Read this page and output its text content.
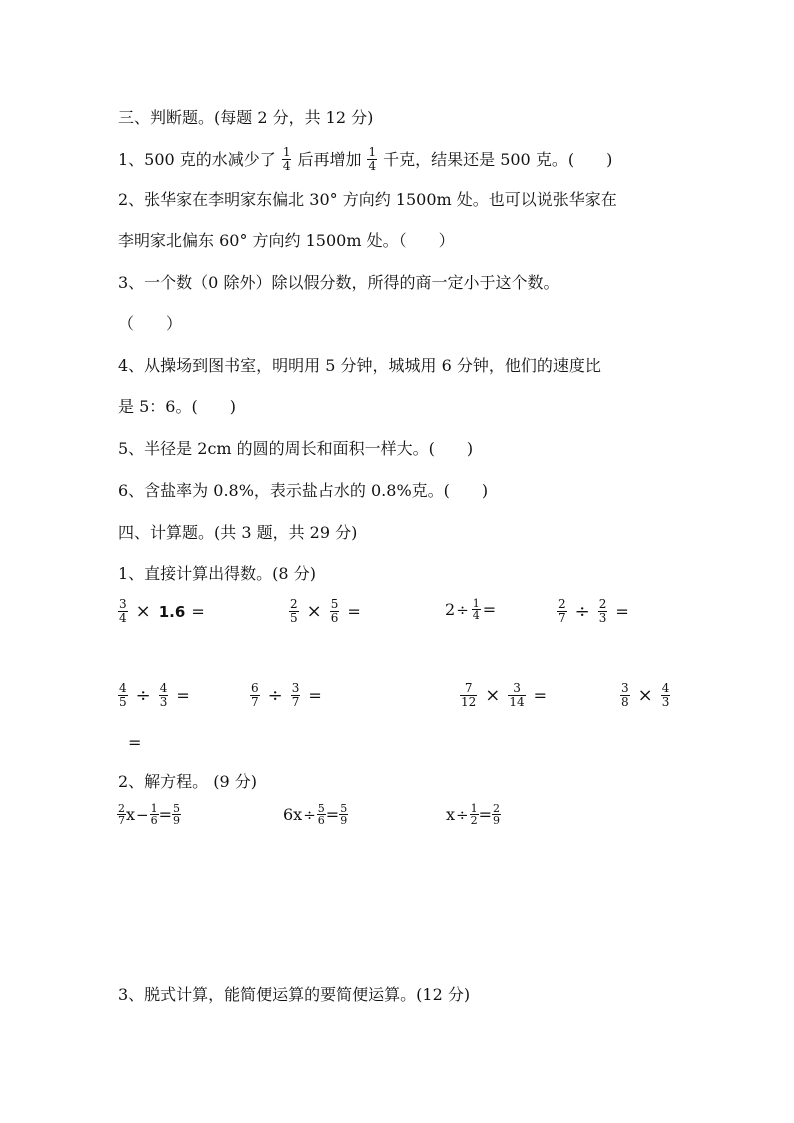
三、判断题。(每题 2 分，共 12 分)
1、500 克的水减少了 $\frac{1}{4}$ 后再增加 $\frac{1}{4}$ 千克，结果还是 500 克。(　　)
2、张华家在李明家东偏北 30° 方向约 1500m 处。也可以说张华家在
李明家北偏东 60° 方向约 1500m 处。（　　）
3、一个数（0 除外）除以假分数，所得的商一定小于这个数。
（　　）
4、从操场到图书室，明明用 5 分钟，城城用 6 分钟，他们的速度比
是 5：6。(　　)
5、半径是 2cm 的圆的周长和面积一样大。(　　)
6、含盐率为 0.8%，表示盐占水的 0.8%克。(　　)
四、计算题。(共 3 题，共 29 分)
1、直接计算出得数。(8 分)
$\frac{3}{4} \times 1.6$ =	$\frac{2}{5} \times \frac{5}{6}$ =	$2 \div \frac{1}{4}$ =	$\frac{2}{7} \div \frac{2}{3}$ =
$\frac{4}{5} \div \frac{4}{3}$ =	$\frac{6}{7} \div \frac{3}{7}$ =	$\frac{7}{12} \times \frac{3}{14}$ =	$\frac{3}{8} \times \frac{4}{3}$
=
2、解方程。 (9 分)
$\frac{2}{7}$ $x - \frac{1}{6} = \frac{5}{9}$	$6x \div \frac{5}{6} = \frac{5}{9}$	$x \div \frac{1}{2} = \frac{2}{9}$
3、脱式计算，能简便运算的要简便运算。(12 分)
